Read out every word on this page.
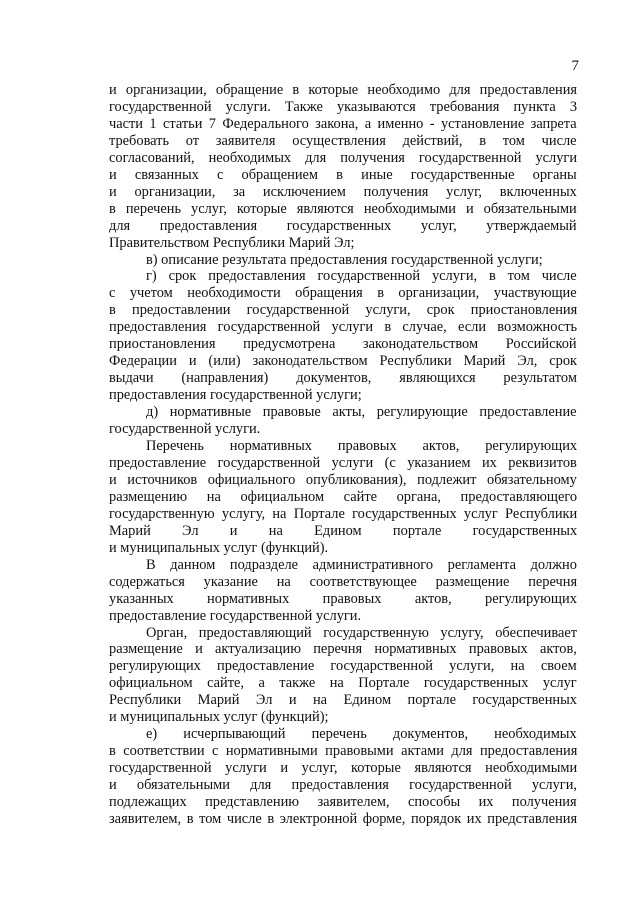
7
и организации, обращение в которые необходимо для предоставления
государственной услуги. Также указываются требования пункта 3
части 1 статьи 7 Федерального закона, а именно - установление запрета
требовать от заявителя осуществления действий, в том числе
согласований, необходимых для получения государственной услуги
и связанных с обращением в иные государственные органы
и организации, за исключением получения услуг, включенных
в перечень услуг, которые являются необходимыми и обязательными
для предоставления государственных услуг, утверждаемый
Правительством Республики Марий Эл;
в) описание результата предоставления государственной услуги;
г) срок предоставления государственной услуги, в том числе
с учетом необходимости обращения в организации, участвующие
в предоставлении государственной услуги, срок приостановления
предоставления государственной услуги в случае, если возможность
приостановления предусмотрена законодательством Российской
Федерации и (или) законодательством Республики Марий Эл, срок
выдачи (направления) документов, являющихся результатом
предоставления государственной услуги;
д) нормативные правовые акты, регулирующие предоставление
государственной услуги.
Перечень нормативных правовых актов, регулирующих
предоставление государственной услуги (с указанием их реквизитов
и источников официального опубликования), подлежит обязательному
размещению на официальном сайте органа, предоставляющего
государственную услугу, на Портале государственных услуг Республики
Марий Эл и на Едином портале государственных
и муниципальных услуг (функций).
В данном подразделе административного регламента должно
содержаться указание на соответствующее размещение перечня
указанных нормативных правовых актов, регулирующих
предоставление государственной услуги.
Орган, предоставляющий государственную услугу, обеспечивает
размещение и актуализацию перечня нормативных правовых актов,
регулирующих предоставление государственной услуги, на своем
официальном сайте, а также на Портале государственных услуг
Республики Марий Эл и на Едином портале государственных
и муниципальных услуг (функций);
е) исчерпывающий перечень документов, необходимых
в соответствии с нормативными правовыми актами для предоставления
государственной услуги и услуг, которые являются необходимыми
и обязательными для предоставления государственной услуги,
подлежащих представлению заявителем, способы их получения
заявителем, в том числе в электронной форме, порядок их представления
